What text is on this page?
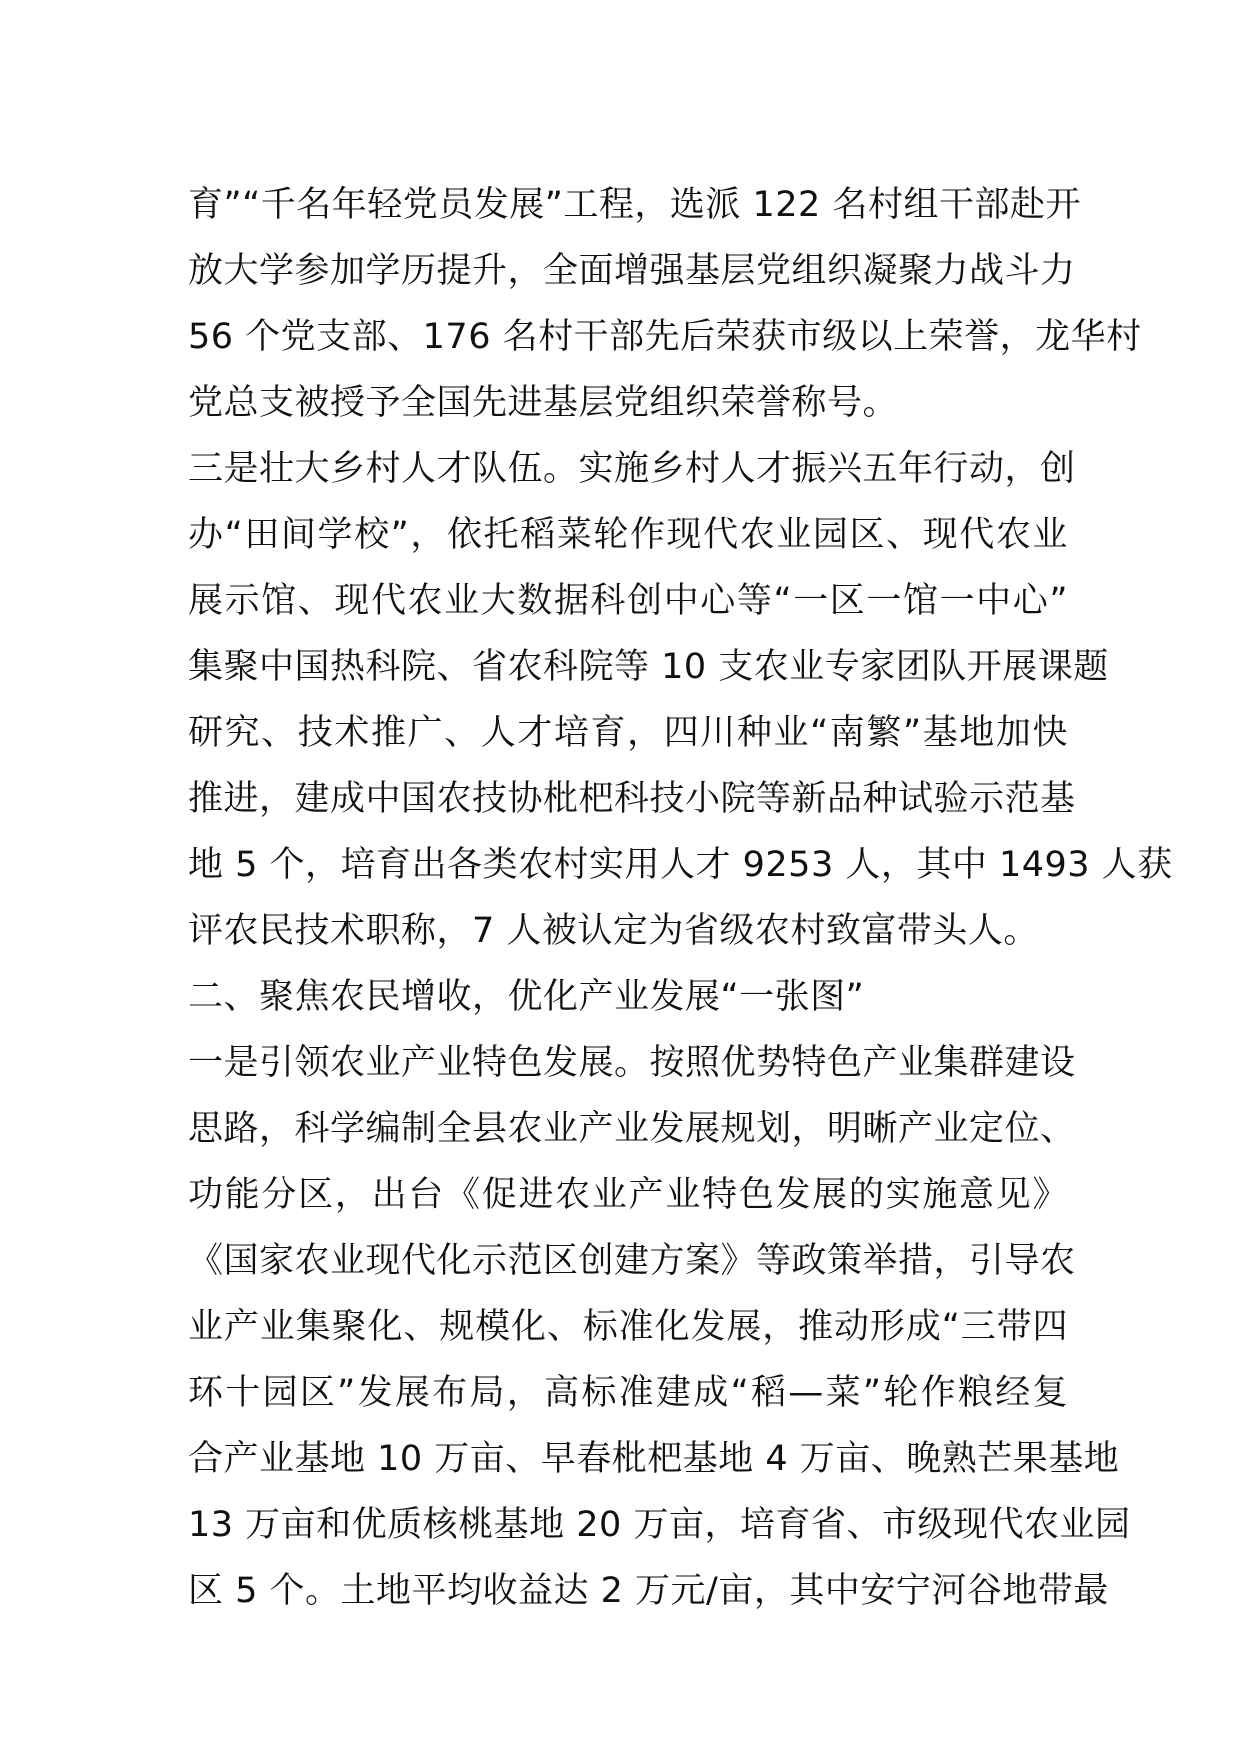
育”“千名年轻党员发展”工程，选派 122 名村组干部赴开
放大学参加学历提升，全面增强基层党组织凝聚力战斗力
56 个党支部、176 名村干部先后荣获市级以上荣誉，龙华村
党总支被授予全国先进基层党组织荣誉称号。
三是壮大乡村人才队伍。实施乡村人才振兴五年行动，创
办“田间学校”，依托稻菜轮作现代农业园区、现代农业
展示馆、现代农业大数据科创中心等“一区一馆一中心”
集聚中国热科院、省农科院等 10 支农业专家团队开展课题
研究、技术推广、人才培育，四川种业“南繁”基地加快
推进，建成中国农技协枇杷科技小院等新品种试验示范基
地 5 个，培育出各类农村实用人才 9253 人，其中 1493 人获
评农民技术职称，7 人被认定为省级农村致富带头人。
二、聚焦农民增收，优化产业发展“一张图”
一是引领农业产业特色发展。按照优势特色产业集群建设
思路，科学编制全县农业产业发展规划，明晰产业定位、
功能分区，出台《促进农业产业特色发展的实施意见》
《国家农业现代化示范区创建方案》等政策举措，引导农
业产业集聚化、规模化、标准化发展，推动形成“三带四
环十园区”发展布局，高标准建成“稻—菜”轮作粮经复
合产业基地 10 万亩、早春枇杷基地 4 万亩、晚熟芒果基地
13 万亩和优质核桃基地 20 万亩，培育省、市级现代农业园
区 5 个。土地平均收益达 2 万元/亩，其中安宁河谷地带最
